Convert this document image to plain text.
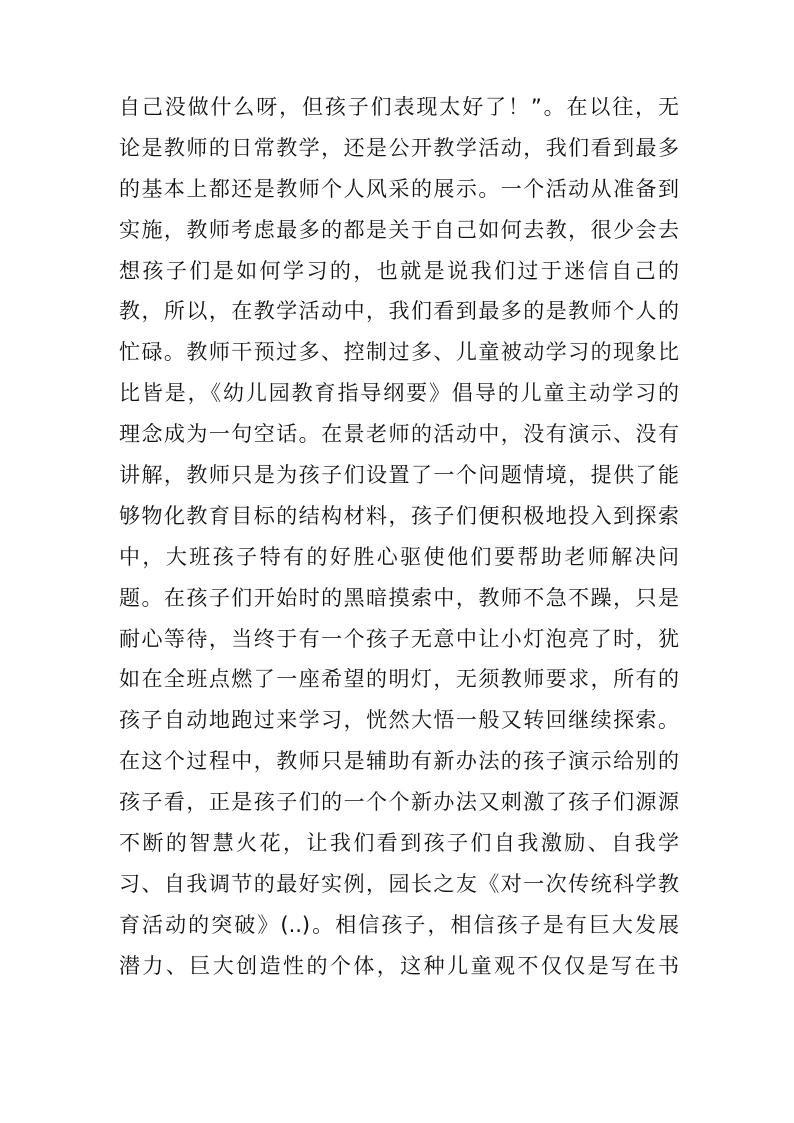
自己没做什么呀，但孩子们表现太好了！”。在以往，无
论是教师的日常教学，还是公开教学活动，我们看到最多
的基本上都还是教师个人风采的展示。一个活动从准备到
实施，教师考虑最多的都是关于自己如何去教，很少会去
想孩子们是如何学习的，也就是说我们过于迷信自己的
教，所以，在教学活动中，我们看到最多的是教师个人的
忙碌。教师干预过多、控制过多、儿童被动学习的现象比
比皆是，《幼儿园教育指导纲要》倡导的儿童主动学习的
理念成为一句空话。在景老师的活动中，没有演示、没有
讲解，教师只是为孩子们设置了一个问题情境，提供了能
够物化教育目标的结构材料，孩子们便积极地投入到探索
中，大班孩子特有的好胜心驱使他们要帮助老师解决问
题。在孩子们开始时的黑暗摸索中，教师不急不躁，只是
耐心等待，当终于有一个孩子无意中让小灯泡亮了时，犹
如在全班点燃了一座希望的明灯，无须教师要求，所有的
孩子自动地跑过来学习，恍然大悟一般又转回继续探索。
在这个过程中，教师只是辅助有新办法的孩子演示给别的
孩子看，正是孩子们的一个个新办法又刺激了孩子们源源
不断的智慧火花，让我们看到孩子们自我激励、自我学
习、自我调节的最好实例，园长之友《对一次传统科学教
育活动的突破》(..)。相信孩子，相信孩子是有巨大发展
潜力、巨大创造性的个体，这种儿童观不仅仅是写在书
